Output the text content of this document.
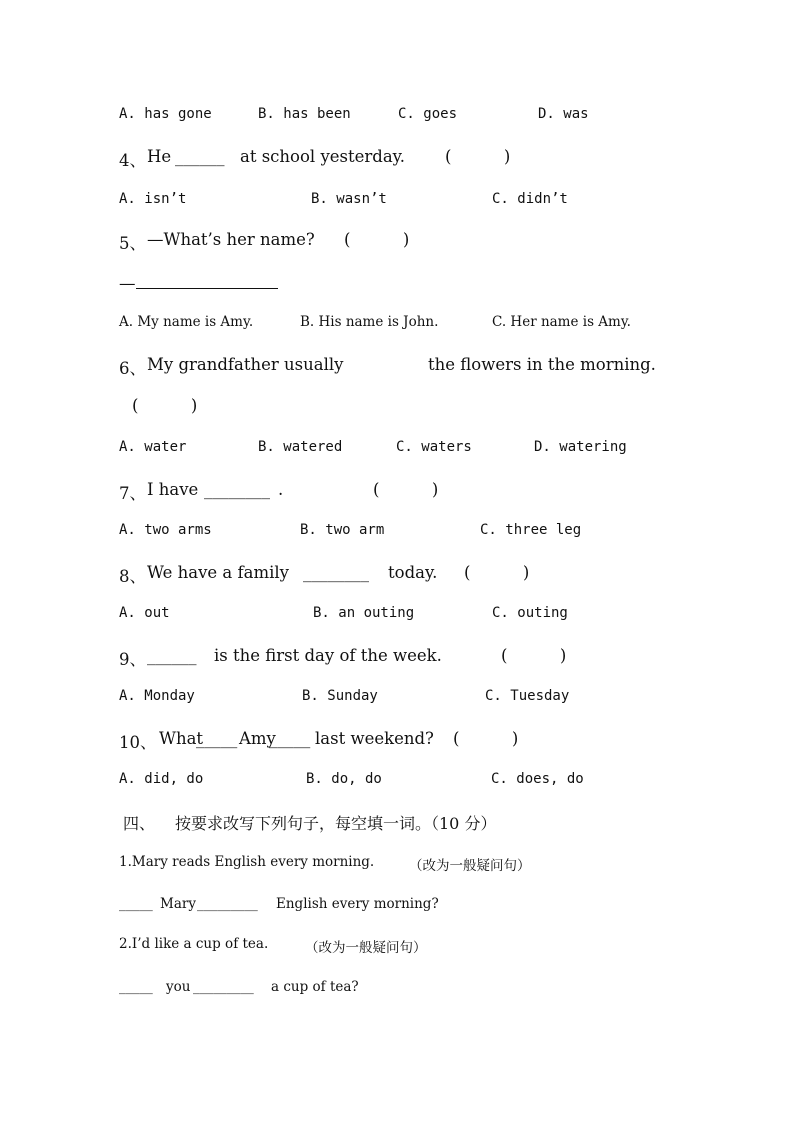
A. has gone

	B. has been

	C. goes

	D. was

4、

He

______

at school yesterday.

(          )

A. isn’t

	B. wasn’t

	C. didn’t

5、

—What’s her name?

(          )

—

A. My name is Amy.

	B. His name is John.

	C. Her name is Amy.

6、

My grandfather usually

	the flowers in the morning.

(          )

A. water

	B. watered

	C. waters

	D. watering

7、

I have

________

.

	(          )

A. two arms

	B. two arm

	C. three leg

8、

We have a family

________

today.

(          )

A. out

	B. an outing

	C. outing

9、

______

is the first day of the week.

	(          )

A. Monday

	B. Sunday

	C. Tuesday

10、

What

_____

Amy

_____

last weekend?

(          )

A. did, do

	B. do, do

	C. does, do

四、

按要求改写下列句子，每空填一词。（10 分）

1.Mary reads English every morning.

	（改为一般疑问句）

_____

Mary

_________

English every morning?

2.I’d like a cup of tea.

	（改为一般疑问句）

_____

you

_________

a cup of tea?
